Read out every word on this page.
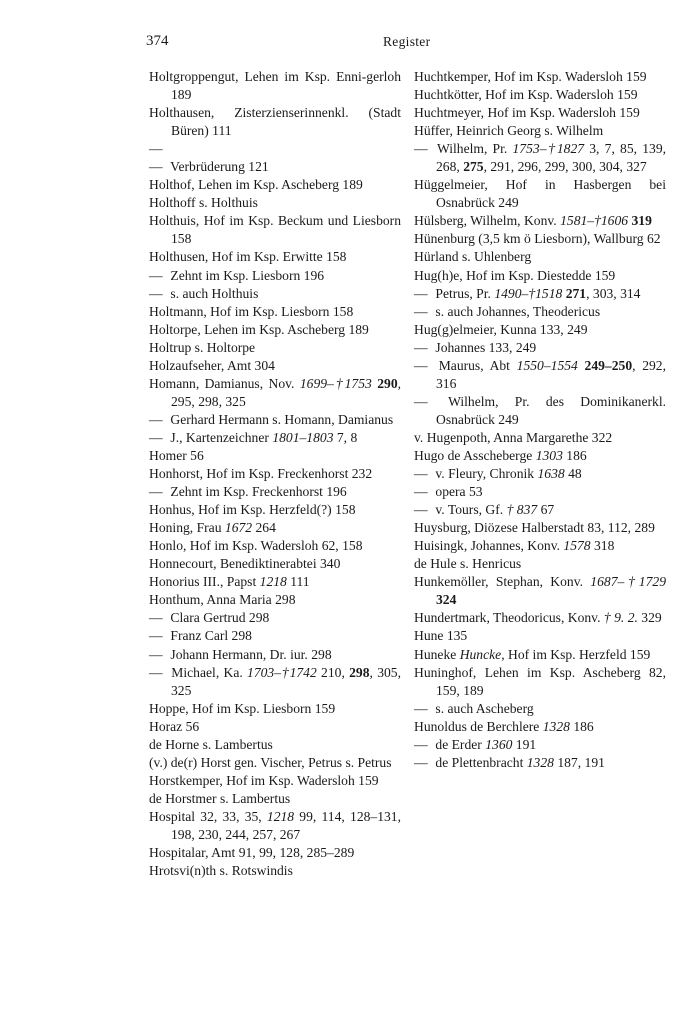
374	Register

Holtgroppengut, Lehen im Ksp. Enni-gerloh 189

Holthausen, Zisterzienserinnenkl. (Stadt Büren) 111

— — Verbrüderung 121

Holthof, Lehen im Ksp. Ascheberg 189

Holthoff s. Holthuis

Holthuis, Hof im Ksp. Beckum und Liesborn 158

Holthusen, Hof im Ksp. Erwitte 158

— Zehnt im Ksp. Liesborn 196

— s. auch Holthuis

Holtmann, Hof im Ksp. Liesborn 158

Holtorpe, Lehen im Ksp. Ascheberg 189

Holtrup s. Holtorpe

Holzaufseher, Amt 304

Homann, Damianus, Nov. 1699–†1753 290, 295, 298, 325

— Gerhard Hermann s. Homann, Damianus

— J., Kartenzeichner 1801–1803 7, 8

Homer 56

Honhorst, Hof im Ksp. Freckenhorst 232

— Zehnt im Ksp. Freckenhorst 196

Honhus, Hof im Ksp. Herzfeld(?) 158

Honing, Frau 1672 264

Honlo, Hof im Ksp. Wadersloh 62, 158

Honnecourt, Benediktinerabtei 340

Honorius III., Papst 1218 111

Honthum, Anna Maria 298

— Clara Gertrud 298

— Franz Carl 298

— Johann Hermann, Dr. iur. 298

— Michael, Ka. 1703–†1742 210, 298, 305, 325

Hoppe, Hof im Ksp. Liesborn 159

Horaz 56

de Horne s. Lambertus

(v.) de(r) Horst gen. Vischer, Petrus s. Petrus

Horstkemper, Hof im Ksp. Wadersloh 159

de Horstmer s. Lambertus

Hospital 32, 33, 35, 1218 99, 114, 128–131, 198, 230, 244, 257, 267

Hospitalar, Amt 91, 99, 128, 285–289

Hrotsvi(n)th s. Rotswindis

Huchtkemper, Hof im Ksp. Wadersloh 159

Huchtkötter, Hof im Ksp. Wadersloh 159

Huchtmeyer, Hof im Ksp. Wadersloh 159

Hüffer, Heinrich Georg s. Wilhelm

— Wilhelm, Pr. 1753–†1827 3, 7, 85, 139, 268, 275, 291, 296, 299, 300, 304, 327

Hüggelmeier, Hof in Hasbergen bei Osnabrück 249

Hülsberg, Wilhelm, Konv. 1581–†1606 319

Hünenburg (3,5 km ö Liesborn), Wallburg 62

Hürland s. Uhlenberg

Hug(h)e, Hof im Ksp. Diestedde 159

— Petrus, Pr. 1490–†1518 271, 303, 314

— s. auch Johannes, Theodericus

Hug(g)elmeier, Kunna 133, 249

— Johannes 133, 249

— Maurus, Abt 1550–1554 249–250, 292, 316

— Wilhelm, Pr. des Dominikanerkl. Osnabrück 249

v. Hugenpoth, Anna Margarethe 322

Hugo de Asscheberge 1303 186

— v. Fleury, Chronik 1638 48

— opera 53

— v. Tours, Gf. † 837 67

Huysburg, Diözese Halberstadt 83, 112, 289

Huisingk, Johannes, Konv. 1578 318

de Hule s. Henricus

Hunkemöller, Stephan, Konv. 1687–†1729 324

Hundertmark, Theodoricus, Konv. † 9. 2. 329

Hune 135

Huneke Huncke, Hof im Ksp. Herzfeld 159

Huninghof, Lehen im Ksp. Ascheberg 82, 159, 189

— s. auch Ascheberg

Hunoldus de Berchlere 1328 186

— de Erder 1360 191

— de Plettenbracht 1328 187, 191
